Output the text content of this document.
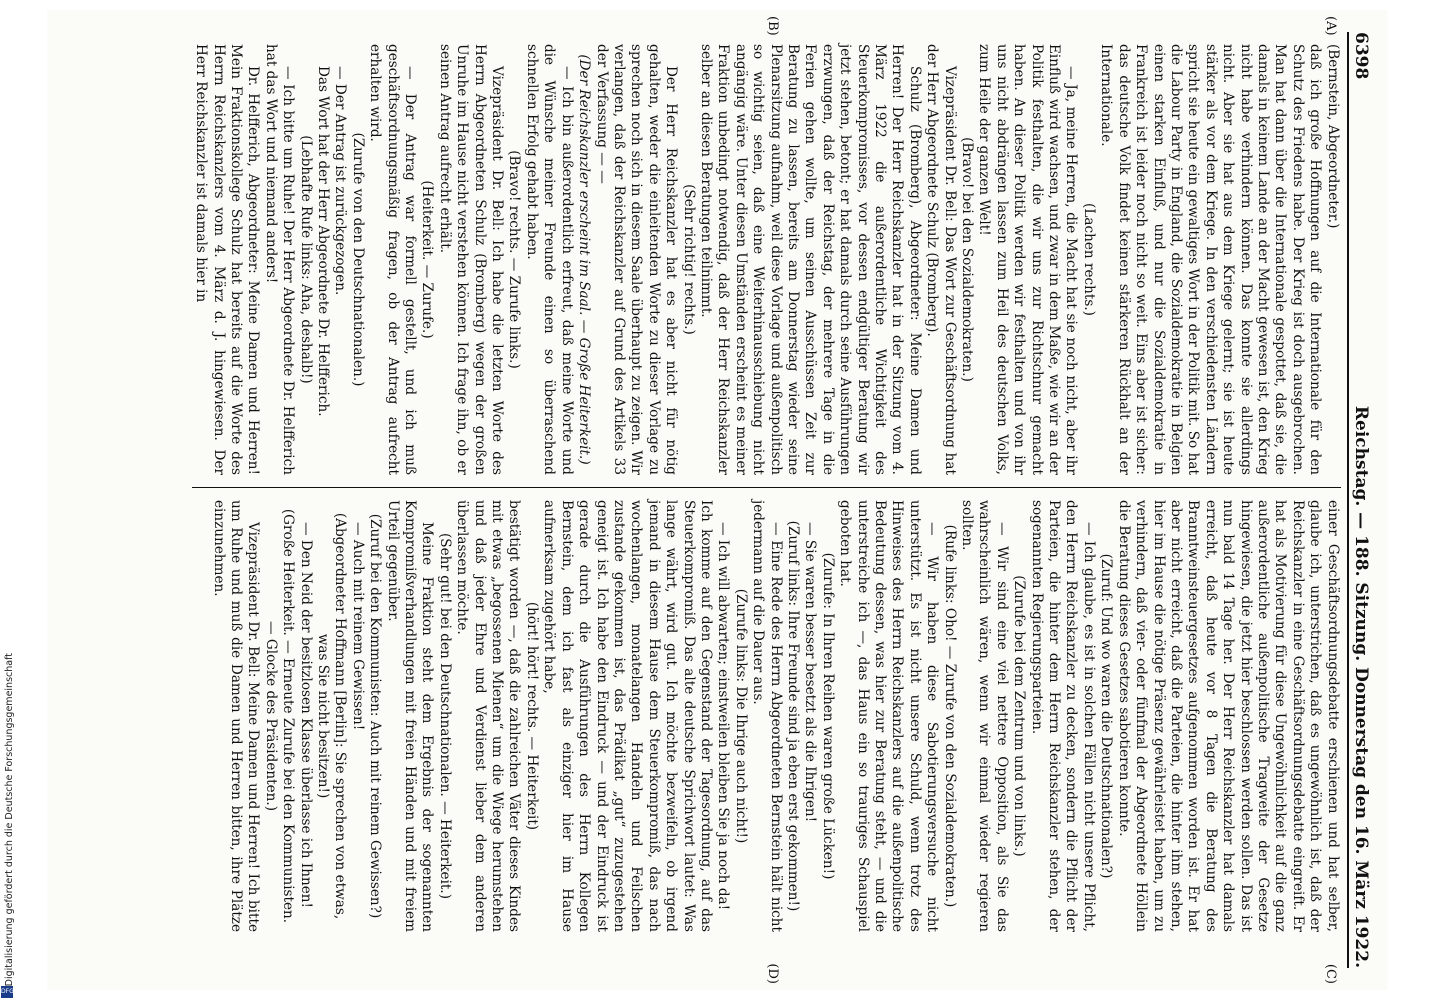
6398
Reichstag. — 188. Sitzung. Donnerstag den 16. März 1922.
(A)
(B)
(C)
(D)

(Bernstein, Abgeordneter.)

daß ich große Hoffnungen auf die Internationale für den Schutz des Friedens habe. Der Krieg ist doch ausgebrochen. Man hat dann über die Internationale gespottet, daß sie, die damals in keinem Lande an der Macht gewesen ist, den Krieg nicht habe verhindern können. Das konnte sie allerdings nicht. Aber sie hat aus dem Kriege gelernt; sie ist heute stärker als vor dem Kriege. In den verschiedensten Ländern spricht sie heute ein gewaltiges Wort in der Politik mit. So hat die Labour Party in England, die Sozialdemokratie in Belgien einen starken Einfluß, und nur die Sozialdemokratie in Frankreich ist leider noch nicht so weit. Eins aber ist sicher: das deutsche Volk findet keinen stärkeren Rückhalt an der Internationale.

(Lachen rechts.)

— Ja, meine Herren, die Macht hat sie noch nicht, aber ihr Einfluß wird wachsen, und zwar in dem Maße, wie wir an der Politik festhalten, die wir uns zur Richtschnur gemacht haben. An dieser Politik werden wir festhalten und von ihr uns nicht abdrängen lassen zum Heil des deutschen Volks, zum Heile der ganzen Welt!

(Bravo! bei den Sozialdemokraten.)

Vizepräsident Dr. Bell: Das Wort zur Geschäftsordnung hat der Herr Abgeordnete Schulz (Bromberg).

Schulz (Bromberg), Abgeordneter: Meine Damen und Herren! Der Herr Reichskanzler hat in der Sitzung vom 4. März 1922 die außerordentliche Wichtigkeit des Steuerkompromisses, vor dessen endgültiger Beratung wir jetzt stehen, betont; er hat damals durch seine Ausführungen erzwungen, daß der Reichstag, der mehrere Tage in die Ferien gehen wollte, um seinen Ausschüssen Zeit zur Beratung zu lassen, bereits am Donnerstag wieder seine Plenarsitzung aufnahm, weil diese Vorlage und außenpolitisch so wichtig seien, daß eine Weiterhinausschiebung nicht angängig wäre. Unter diesen Umständen erscheint es meiner Fraktion unbedingt notwendig, daß der Herr Reichskanzler selber an diesen Beratungen teilnimmt.

(Sehr richtig! rechts.)

Der Herr Reichskanzler hat es aber nicht für nötig gehalten, weder die einleitenden Worte zu dieser Vorlage zu sprechen noch sich in diesem Saale überhaupt zu zeigen. Wir verlangen, daß der Reichskanzler auf Grund des Artikels 33 der Verfassung — —

(Der Reichskanzler erscheint im Saal. — Große Heiterkeit.)

— Ich bin außerordentlich erfreut, daß meine Worte und die Wünsche meiner Freunde einen so überraschend schnellen Erfolg gehabt haben.

(Bravo! rechts. — Zurufe links.)

Vizepräsident Dr. Bell: Ich habe die letzten Worte des Herrn Abgeordneten Schulz (Bromberg) wegen der großen Unruhe im Hause nicht verstehen können. Ich frage ihn, ob er seinen Antrag aufrecht erhält.

(Heiterkeit. — Zurufe.)

— Der Antrag war formell gestellt, und ich muß geschäftsordnungsmäßig fragen, ob der Antrag aufrecht erhalten wird.

(Zurufe von den Deutschnationalen.)

— Der Antrag ist zurückgezogen.

Das Wort hat der Herr Abgeordnete Dr. Helfferich.

(Lebhafte Rufe links: Aha, deshalb!)

— Ich bitte um Ruhe! Der Herr Abgeordnete Dr. Helfferich hat das Wort und niemand anders!

Dr. Helfferich, Abgeordneter: Meine Damen und Herren! Mein Fraktionskollege Schulz hat bereits auf die Worte des Herrn Reichskanzlers vom 4. März d. J. hingewiesen. Der Herr Reichskanzler ist damals hier in

einer Geschäftsordnungsdebatte erschienen und hat selber, glaube ich, unterstrichen, daß es ungewöhnlich ist, daß der Reichskanzler in eine Geschäftsordnungsdebatte eingreift. Er hat als Motivierung für diese Ungewöhnlichkeit auf die ganz außerordentliche außenpolitische Tragweite der Gesetze hingewiesen, die jetzt hier beschlossen werden sollen. Das ist nun bald 14 Tage her. Der Herr Reichskanzler hat damals erreicht, daß heute vor 8 Tagen die Beratung des Branntweinsteuergesetzes aufgenommen worden ist. Er hat aber nicht erreicht, daß die Parteien, die hinter ihm stehen, hier im Hause die nötige Präsenz gewährleistet haben, um zu verhindern, daß vier- oder fünfmal der Abgeordnete Höllein die Beratung dieses Gesetzes sabotieren konnte.

(Zuruf: Und wo waren die Deutschnationalen?)

— Ich glaube, es ist in solchen Fällen nicht unsere Pflicht, den Herrn Reichskanzler zu decken, sondern die Pflicht der Parteien, die hinter dem Herrn Reichskanzler stehen, der sogenannten Regierungsparteien.

(Zurufe bei dem Zentrum und von links.)

— Wir sind eine viel nettere Opposition, als Sie das wahrscheinlich wären, wenn wir einmal wieder regieren sollten.

(Rufe links: Oho! — Zurufe von den Sozialdemokraten.)

— Wir haben diese Sabotierungsversuche nicht unterstützt. Es ist nicht unsere Schuld, wenn trotz des Hinweises des Herrn Reichskanzlers auf die außenpolitische Bedeutung dessen, was hier zur Beratung steht, — und die unterstreiche ich —, das Haus ein so trauriges Schauspiel geboten hat.

(Zurufe: In Ihren Reihen waren große Lücken!)

— Sie waren besser besetzt als die Ihrigen!

(Zuruf links: Ihre Freunde sind ja eben erst gekommen!)

— Eine Rede des Herrn Abgeordneten Bernstein hält nicht jedermann auf die Dauer aus.

(Zurufe links: Die Ihrige auch nicht!)

— Ich will abwarten; einstweilen bleiben Sie ja noch da!

Ich komme auf den Gegenstand der Tagesordnung, auf das Steuerkompromiß. Das alte deutsche Sprichwort lautet: Was lange währt, wird gut. Ich möchte bezweifeln, ob irgend jemand in diesem Hause dem Steuerkompromiß, das nach wochenlangen, monatelangen Handeln und Feilschen zustande gekommen ist, das Prädikat „gut“ zuzugestehen geneigt ist. Ich habe den Eindruck — und der Eindruck ist gerade durch die Ausführungen des Herrn Kollegen Bernstein, dem ich fast als einziger hier im Hause aufmerksam zugehört habe,

(hört! hört! rechts. — Heiterkeit)

bestätigt worden —, daß die zahlreichen Väter dieses Kindes mit etwas „begossenen Mienen“ um die Wiege herumstehen und daß jeder Ehre und Verdienst lieber dem anderen überlassen möchte.

(Sehr gut! bei den Deutschnationalen. — Heiterkeit.)

Meine Fraktion steht dem Ergebnis der sogenannten Kompromißverhandlungen mit freien Händen und mit freiem Urteil gegenüber.

(Zuruf bei den Kommunisten: Auch mit reinem Gewissen?)

— Auch mit reinem Gewissen!

(Abgeordneter Hoffmann [Berlin]: Sie sprechen von etwas, was Sie nicht besitzen!)

— Den Neid der besitzlosen Klasse überlasse ich Ihnen!

(Große Heiterkeit. — Erneute Zurufe bei den Kommunisten. — Glocke des Präsidenten.)

Vizepräsident Dr. Bell: Meine Damen und Herren! Ich bitte um Ruhe und muß die Damen und Herren bitten, ihre Plätze einzunehmen.

Digitalisierung gefördert durch die Deutsche Forschungsgemeinschaft
DFG
